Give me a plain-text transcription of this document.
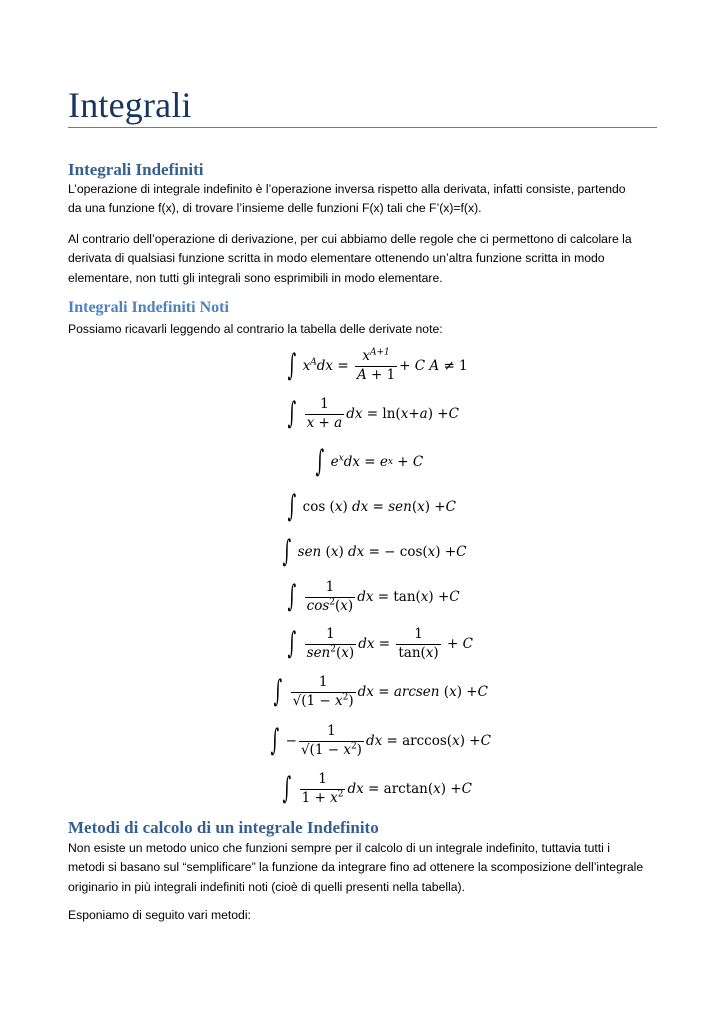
Integrali
Integrali Indefiniti

L’operazione di integrale indefinito è l’operazione inversa rispetto alla derivata, infatti consiste, partendo
da una funzione f(x), di trovare l’insieme delle funzioni F(x) tali che F’(x)=f(x).

Al contrario dell’operazione di derivazione, per cui abbiamo delle regole che ci permettono di calcolare la
derivata di qualsiasi funzione scritta in modo elementare ottenendo un’altra funzione scritta in modo
elementare, non tutti gli integrali sono esprimibili in modo elementare.

Integrali Indefiniti Noti

Possiamo ricavarli leggendo al contrario la tabella delle derivate note:

∫ $x^Adx = \frac{x^{A+1}}{A + 1} + C$ A ≠ 1
∫ $\frac{1}{x + a}$ dx = ln( x + a ) + C
∫ $e^xdx = e$ x + C
∫ cos ( x ) dx = sen ( x ) + C
∫ sen ( x ) dx = − cos( x ) + C
∫ $\frac{1}{\cos^2(x)}$ dx = tan( x ) + C
∫ $\frac{1}{sen^2(x)}$ dx = $\frac{1}{\tan(x)} + C$
∫ $\frac{1}{√(1 - x^2)}$ dx = arcsen ( x ) + C
∫ − $\frac{1}{√(1 - x^2)}$ dx = arccos( x ) + C
∫ $\frac{1}{1 + x^2}$ dx = arctan( x ) + C
Metodi di calcolo di un integrale Indefinito

Non esiste un metodo unico che funzioni sempre per il calcolo di un integrale indefinito, tuttavia tutti i
metodi si basano sul “semplificare” la funzione da integrare fino ad ottenere la scomposizione dell’integrale
originario in più integrali indefiniti noti (cioè di quelli presenti nella tabella).

Esponiamo di seguito vari metodi:
